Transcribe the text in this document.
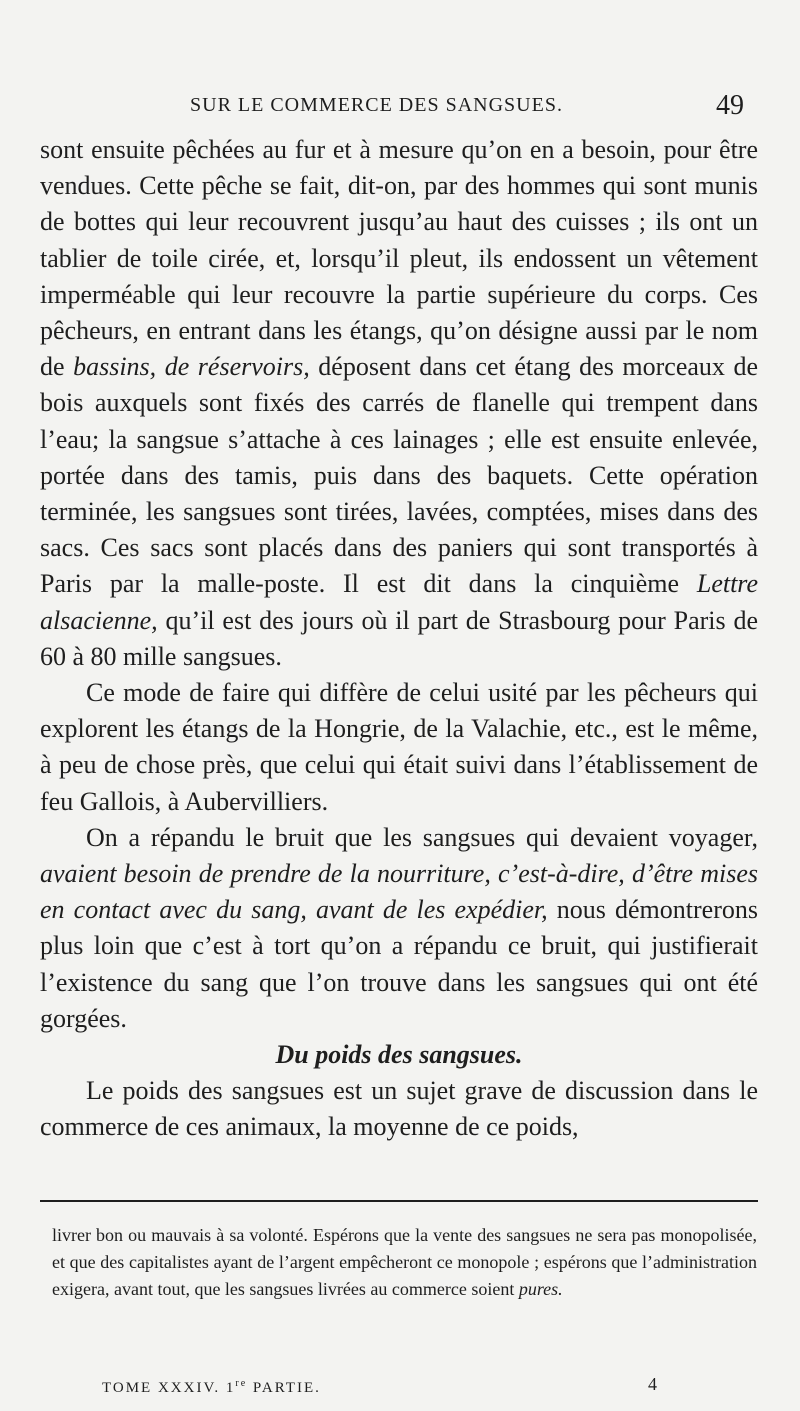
SUR LE COMMERCE DES SANGSUES.	49

sont ensuite pêchées au fur et à mesure qu’on en a besoin, pour être vendues. Cette pêche se fait, dit-on, par des hommes qui sont munis de bottes qui leur recouvrent jusqu’au haut des cuisses ; ils ont un tablier de toile cirée, et, lorsqu’il pleut, ils endossent un vêtement imperméable qui leur recouvre la partie supérieure du corps. Ces pêcheurs, en entrant dans les étangs, qu’on désigne aussi par le nom de bassins, de réservoirs, déposent dans cet étang des morceaux de bois auxquels sont fixés des carrés de flanelle qui trempent dans l’eau; la sangsue s’attache à ces lainages ; elle est ensuite enlevée, portée dans des tamis, puis dans des baquets. Cette opération terminée, les sangsues sont tirées, lavées, comptées, mises dans des sacs. Ces sacs sont placés dans des paniers qui sont transportés à Paris par la malle-poste. Il est dit dans la cinquième Lettre alsacienne, qu’il est des jours où il part de Strasbourg pour Paris de 60 à 80 mille sangsues.

Ce mode de faire qui diffère de celui usité par les pêcheurs qui explorent les étangs de la Hongrie, de la Valachie, etc., est le même, à peu de chose près, que celui qui était suivi dans l’établissement de feu Gallois, à Aubervilliers.

On a répandu le bruit que les sangsues qui devaient voyager, avaient besoin de prendre de la nourriture, c’est-à-dire, d’être mises en contact avec du sang, avant de les expédier, nous démontrerons plus loin que c’est à tort qu’on a répandu ce bruit, qui justifierait l’existence du sang que l’on trouve dans les sangsues qui ont été gorgées.

Du poids des sangsues.

Le poids des sangsues est un sujet grave de discussion dans le commerce de ces animaux, la moyenne de ce poids,

livrer bon ou mauvais à sa volonté. Espérons que la vente des sangsues ne sera pas monopolisée, et que des capitalistes ayant de l’argent empêcheront ce monopole ; espérons que l’administration exigera, avant tout, que les sangsues livrées au commerce soient pures.
TOME XXXIV. 1re PARTIE.	4
